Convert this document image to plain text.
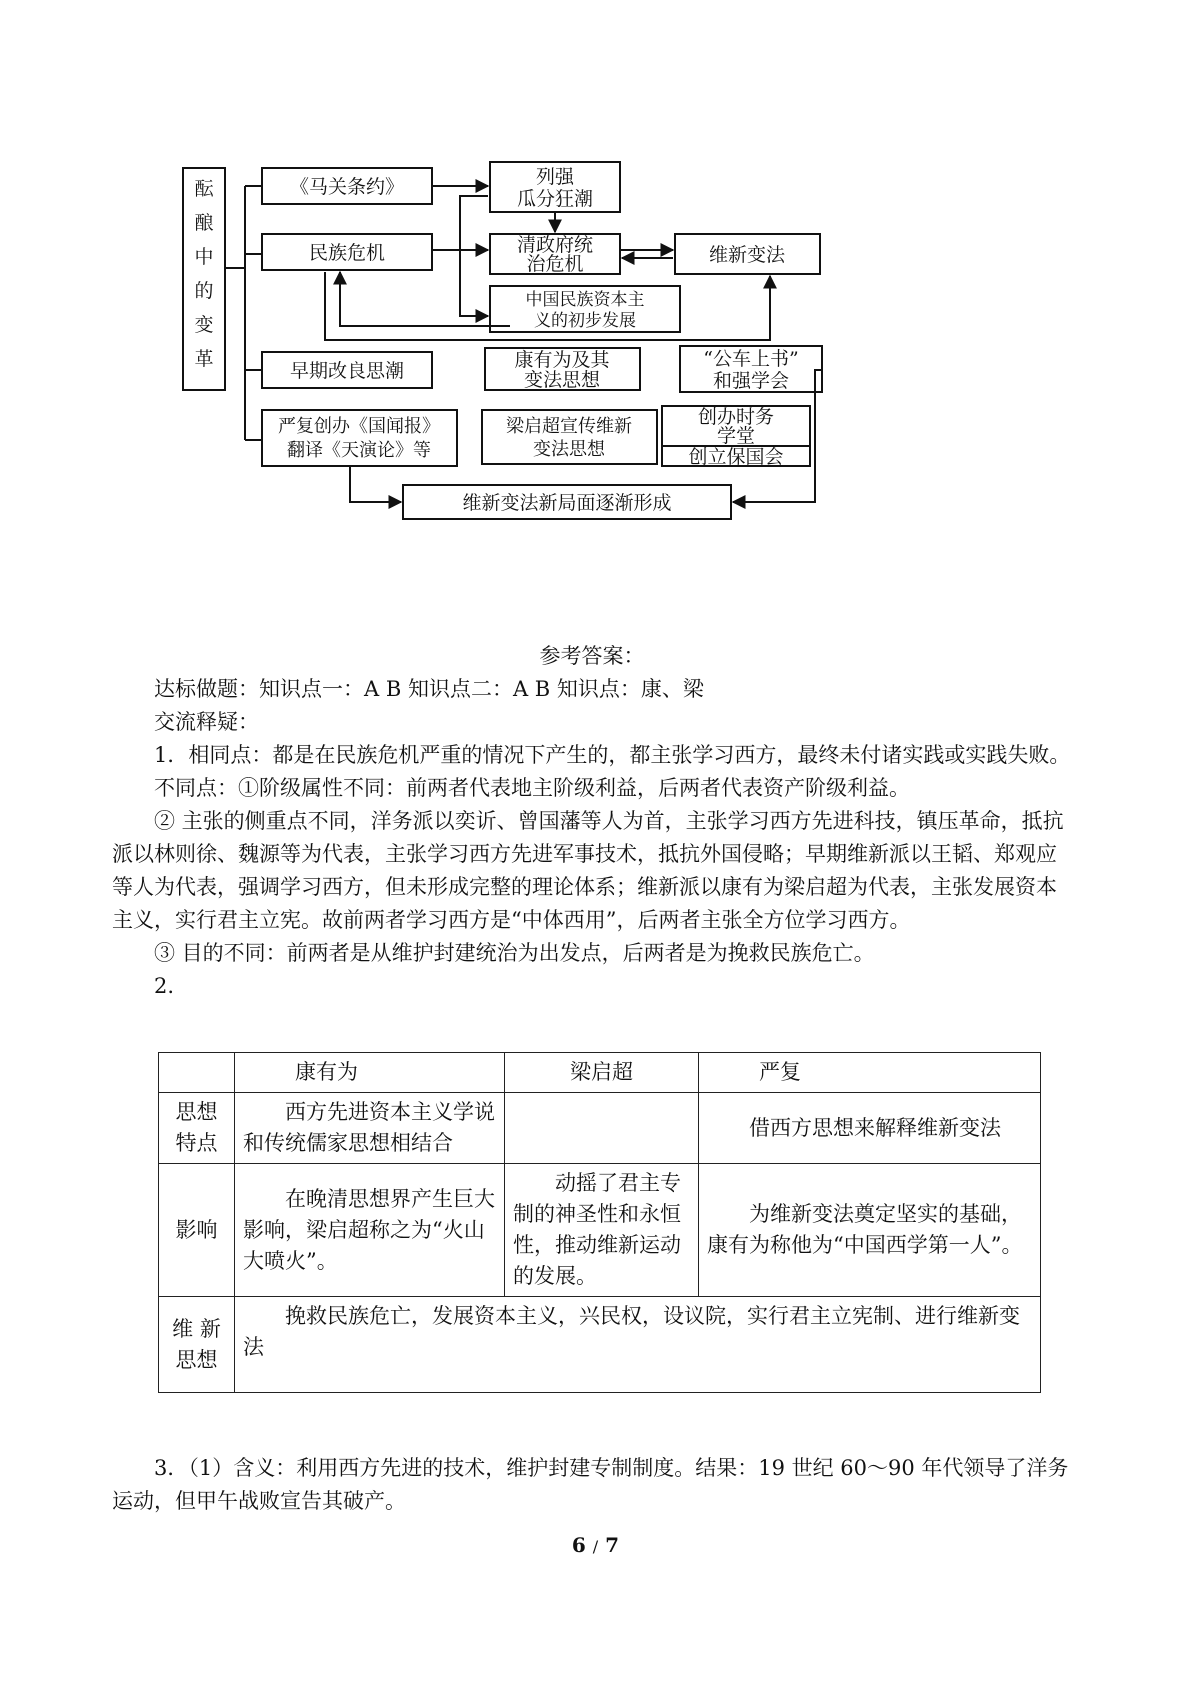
酝
酿
中
的
变
革
《马关条约》	列强
瓜分狂潮
民族危机	清政府统
治危机	维新变法
中国民族资本主
义的初步发展
早期改良思潮	康有为及其
变法思想
“公车上书”
和强学会
严复创办《国闻报》
翻译《天演论》等
梁启超宣传维新
变法思想
创办时务
学堂
创立保国会
维新变法新局面逐渐形成

参考答案：

达标做题：知识点一：A B 知识点二：A B 知识点：康、梁

交流释疑：

1．相同点：都是在民族危机严重的情况下产生的，都主张学习西方，最终未付诸实践或实践失败。

不同点：①阶级属性不同：前两者代表地主阶级利益，后两者代表资产阶级利益。

② 主张的侧重点不同，洋务派以奕䜣、曾国藩等人为首，主张学习西方先进科技，镇压革命，抵抗派以林则徐、魏源等为代表，主张学习西方先进军事技术，抵抗外国侵略；早期维新派以王韬、郑观应等人为代表，强调学习西方，但未形成完整的理论体系；维新派以康有为梁启超为代表，主张发展资本主义，实行君主立宪。故前两者学习西方是“中体西用”，后两者主张全方位学习西方。

③ 目的不同：前两者是从维护封建统治为出发点，后两者是为挽救民族危亡。

2.

	康有为	梁启超	严复
思想特点	西方先进资本主义学说和传统儒家思想相结合		借西方思想来解释维新变法
影响	在晚清思想界产生巨大影响，梁启超称之为“火山大喷火”。	动摇了君主专制的神圣性和永恒性，推动维新运动的发展。	为维新变法奠定坚实的基础，康有为称他为“中国西学第一人”。
维 新 思想	挽救民族危亡，发展资本主义，兴民权，设议院，实行君主立宪制、进行维新变法		

3．（1）含义：利用西方先进的技术，维护封建专制制度。结果：19 世纪 60～90 年代领导了洋务运动，但甲午战败宣告其破产。

6 / 7
